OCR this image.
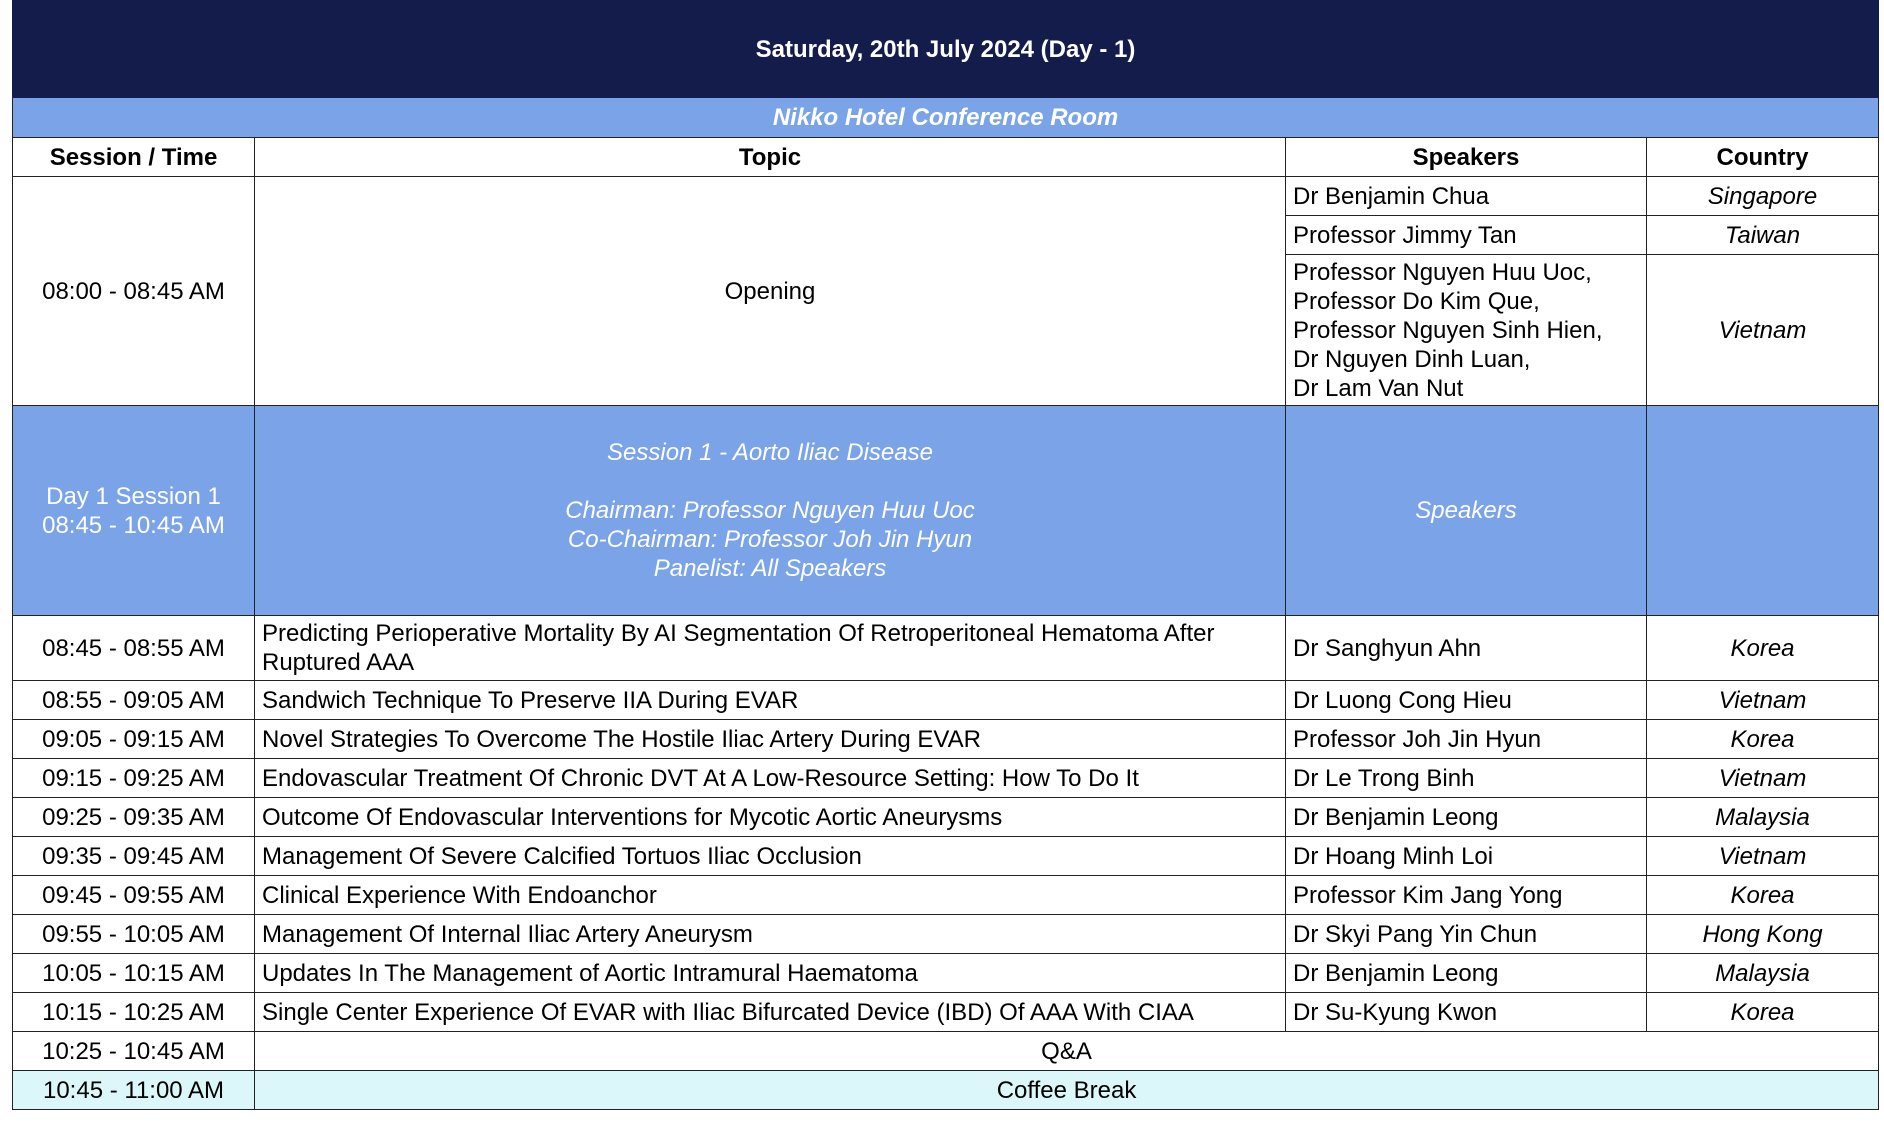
Saturday, 20th July 2024 (Day - 1)			
Nikko Hotel Conference Room			
Session / Time	Topic	Speakers	Country
08:00 - 08:45 AM	Opening	Dr Benjamin Chua	Singapore
		Professor Jimmy Tan	Taiwan

		Professor Nguyen Huu Uoc,
Professor Do Kim Que,
Professor Nguyen Sinh Hien,
Dr Nguyen Dinh Luan,
Dr Lam Van Nut	Vietnam

Day 1 Session 1
08:45 - 10:45 AM	Session 1 - Aorto Iliac Disease
Chairman: Professor Nguyen Huu Uoc
Co-Chairman: Professor Joh Jin Hyun
Panelist: All Speakers	Speakers	
08:45 - 08:55 AM	Predicting Perioperative Mortality By AI Segmentation Of Retroperitoneal Hematoma After Ruptured AAA	Dr Sanghyun Ahn	Korea
08:55 - 09:05 AM	Sandwich Technique To Preserve IIA During EVAR	Dr Luong Cong Hieu	Vietnam
09:05 - 09:15 AM	Novel Strategies To Overcome The Hostile Iliac Artery During EVAR	Professor Joh Jin Hyun	Korea
09:15 - 09:25 AM	Endovascular Treatment Of Chronic DVT At A Low-Resource Setting: How To Do It	Dr Le Trong Binh	Vietnam
09:25 - 09:35 AM	Outcome Of Endovascular Interventions for Mycotic Aortic Aneurysms	Dr Benjamin Leong	Malaysia
09:35 - 09:45 AM	Management Of Severe Calcified Tortuos Iliac Occlusion	Dr Hoang Minh Loi	Vietnam
09:45 - 09:55 AM	Clinical Experience With Endoanchor	Professor Kim Jang Yong	Korea
09:55 - 10:05 AM	Management Of Internal Iliac Artery Aneurysm	Dr Skyi Pang Yin Chun	Hong Kong
10:05 - 10:15 AM	Updates In The Management of Aortic Intramural Haematoma	Dr Benjamin Leong	Malaysia
10:15 - 10:25 AM	Single Center Experience Of EVAR with Iliac Bifurcated Device (IBD) Of AAA With CIAA	Dr Su-Kyung Kwon	Korea
10:25 - 10:45 AM	Q&A		
10:45 - 11:00 AM	Coffee Break		
